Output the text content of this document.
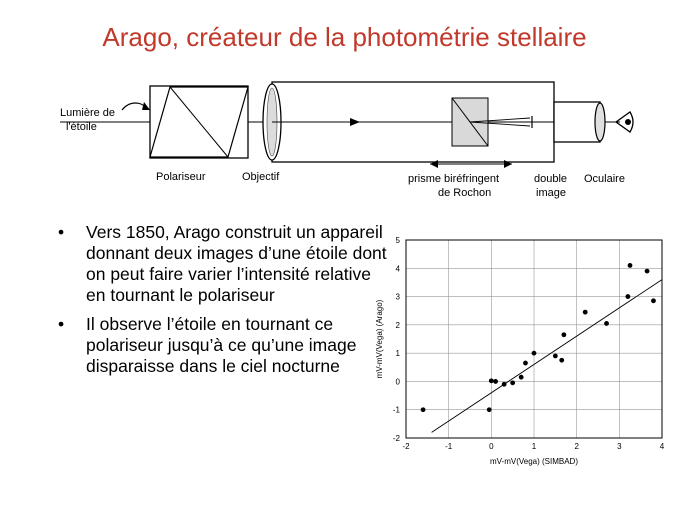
Arago, créateur de la photométrie stellaire
Lumière de
l'étoile
Polariseur	Objectif	prisme biréfringent
de Rochon
double
image
Oculaire
• Vers 1850, Arago construit un appareil donnant deux images d’une étoile dont on peut faire varier l’intensité relative en tournant le polariseur
• Il observe l’étoile en tournant ce polariseur jusqu’à ce qu’une image disparaisse dans le ciel nocturne
-2	-1	0	1	2	3	4
-2
-1
0
1
2
3
4
5
mV-mV(Vega) (SIMBAD)
mV-mV(Vega) (Arago)
